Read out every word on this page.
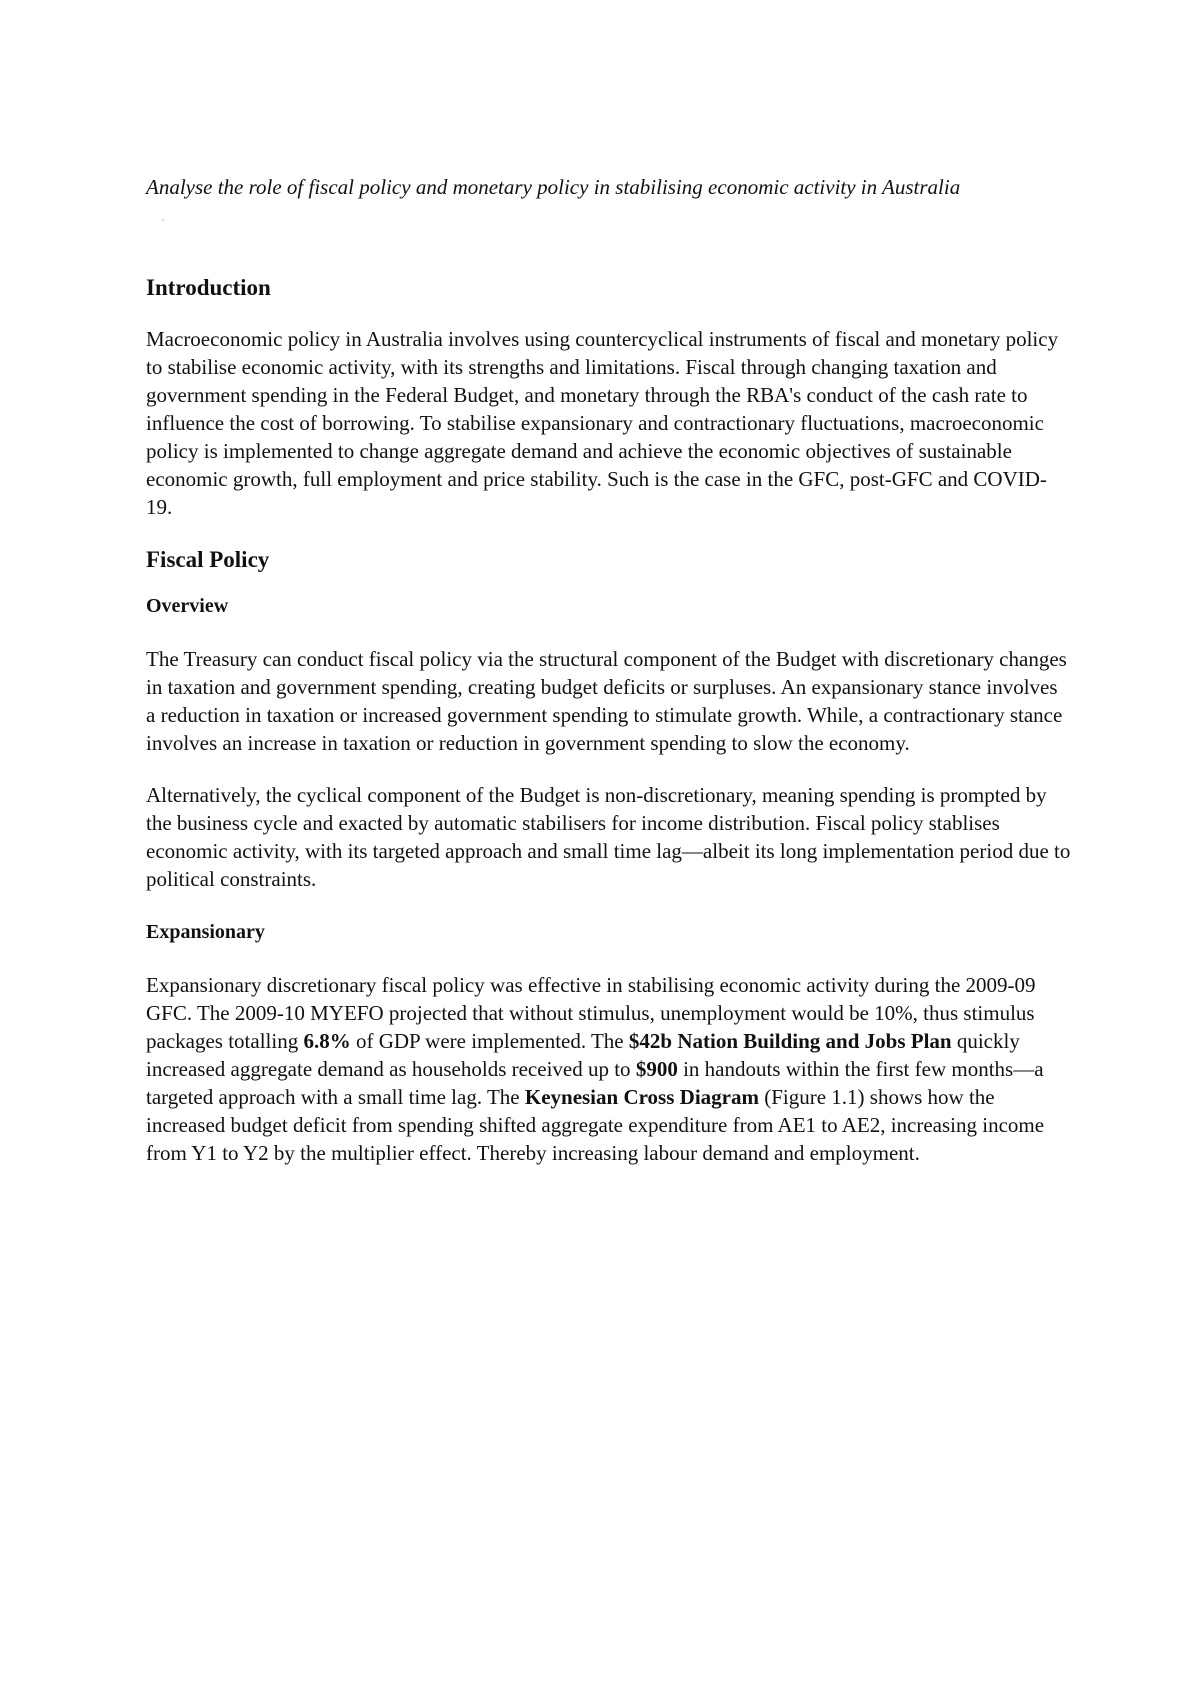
Analyse the role of fiscal policy and monetary policy in stabilising economic activity in Australia

'
Introduction

Macroeconomic policy in Australia involves using countercyclical instruments of fiscal and monetary policy to stabilise economic activity, with its strengths and limitations. Fiscal through changing taxation and government spending in the Federal Budget, and monetary through the RBA's conduct of the cash rate to influence the cost of borrowing. To stabilise expansionary and contractionary fluctuations, macroeconomic policy is implemented to change aggregate demand and achieve the economic objectives of sustainable economic growth, full employment and price stability. Such is the case in the GFC, post-GFC and COVID-19.

Fiscal Policy
Overview

The Treasury can conduct fiscal policy via the structural component of the Budget with discretionary changes in taxation and government spending, creating budget deficits or surpluses. An expansionary stance involves a reduction in taxation or increased government spending to stimulate growth. While, a contractionary stance involves an increase in taxation or reduction in government spending to slow the economy.

Alternatively, the cyclical component of the Budget is non-discretionary, meaning spending is prompted by the business cycle and exacted by automatic stabilisers for income distribution. Fiscal policy stablises economic activity, with its targeted approach and small time lag—albeit its long implementation period due to political constraints.

Expansionary

Expansionary discretionary fiscal policy was effective in stabilising economic activity during the 2009-09 GFC. The 2009-10 MYEFO projected that without stimulus, unemployment would be 10%, thus stimulus packages totalling 6.8% of GDP were implemented. The $42b Nation Building and Jobs Plan quickly increased aggregate demand as households received up to $900 in handouts within the first few months—a targeted approach with a small time lag. The Keynesian Cross Diagram (Figure 1.1) shows how the increased budget deficit from spending shifted aggregate expenditure from AE1 to AE2, increasing income from Y1 to Y2 by the multiplier effect. Thereby increasing labour demand and employment.
